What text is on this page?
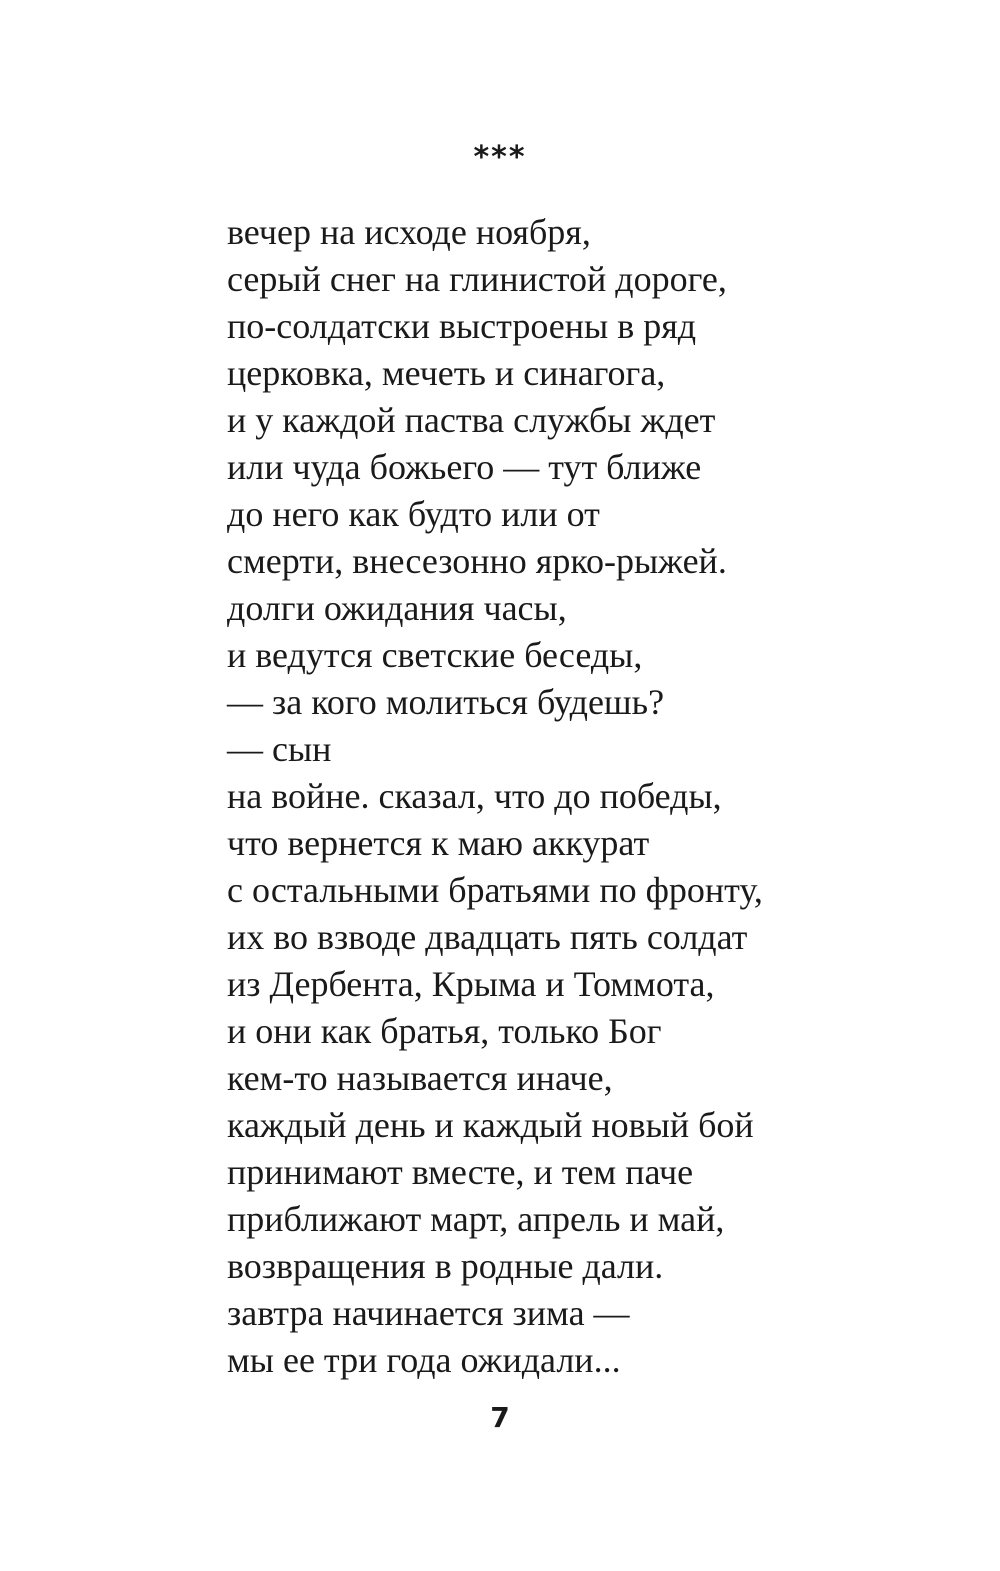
***
вечер на исходе ноября,
серый снег на глинистой дороге,
по-солдатски выстроены в ряд
церковка, мечеть и синагога,
и у каждой паства службы ждет
или чуда божьего — тут ближе
до него как будто или от
смерти, внесезонно ярко-рыжей.
долги ожидания часы,
и ведутся светские беседы,
— за кого молиться будешь?
— сын
на войне. сказал, что до победы,
что вернется к маю аккурат
с остальными братьями по фронту,
их во взводе двадцать пять солдат
из Дербента, Крыма и Томмота,
и они как братья, только Бог
кем-то называется иначе,
каждый день и каждый новый бой
принимают вместе, и тем паче
приближают март, апрель и май,
возвращения в родные дали.
завтра начинается зима —
мы ее три года ожидали...
7
